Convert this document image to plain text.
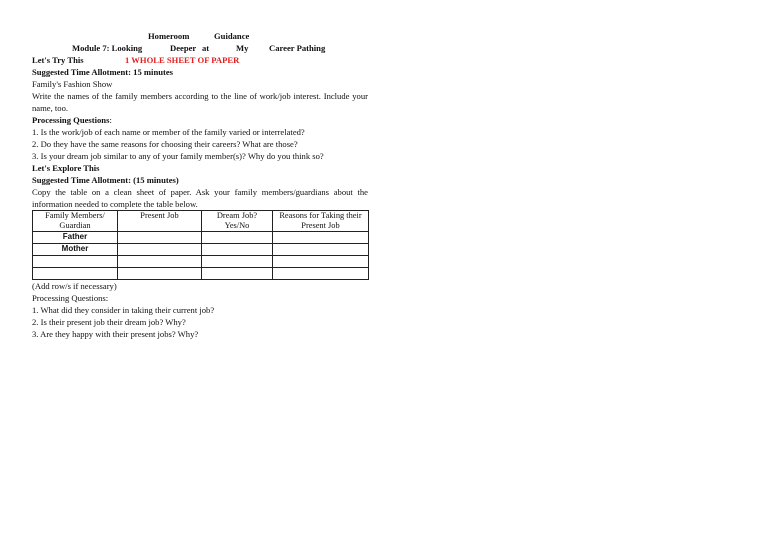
Homeroom	Guidance
Module 7: Looking	Deeper at	My Career Pathing
Let's Try This	1 WHOLE SHEET OF PAPER
Suggested Time Allotment: 15 minutes
Family's Fashion Show
Write the names of the family members according to the line of work/job interest. Include your name, too.
Processing Questions:
1. Is the work/job of each name or member of the family varied or interrelated?
2. Do they have the same reasons for choosing their careers? What are those?
3. Is your dream job similar to any of your family member(s)? Why do you think so?
Let's Explore This
Suggested Time Allotment: (15 minutes)
Copy the table on a clean sheet of paper. Ask your family members/guardians about the information needed to complete the table below.
Family Members/ Guardian	Present Job	Dream Job? Yes/No	Reasons for Taking their Present Job
Father			
Mother			

(Add row/s if necessary)
Processing Questions:
1. What did they consider in taking their current job?
2. Is their present job their dream job? Why?
3. Are they happy with their present jobs? Why?
